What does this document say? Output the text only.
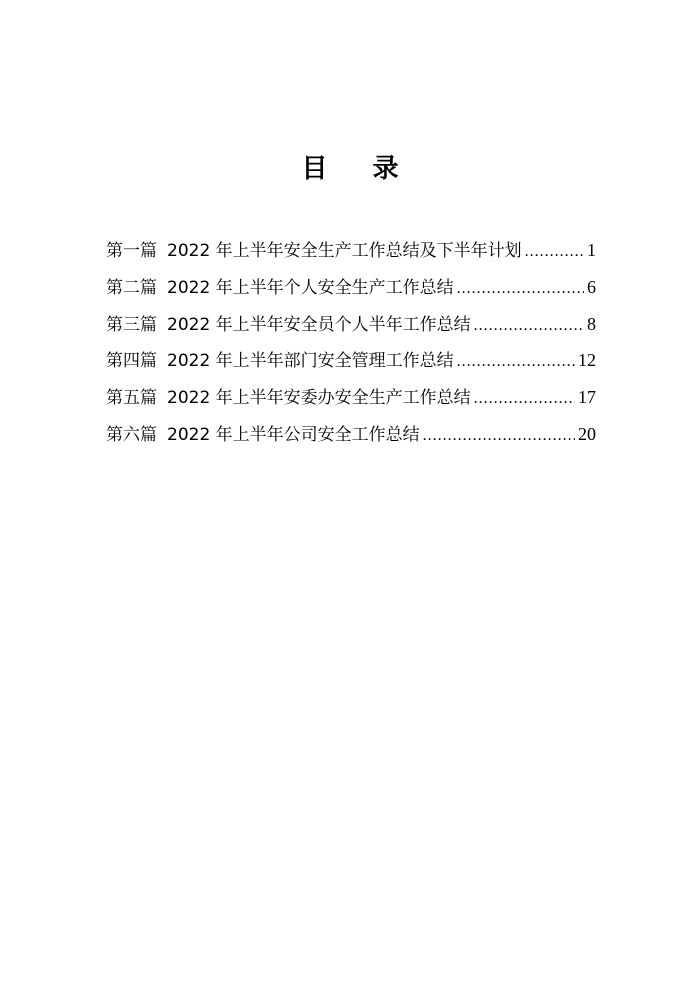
目 录
第一篇 2022 年上半年安全生产工作总结及下半年计划 .....	1
第二篇 2022 年上半年个人安全生产工作总结 .....	6
第三篇 2022 年上半年安全员个人半年工作总结 .....	8
第四篇 2022 年上半年部门安全管理工作总结 .....	12
第五篇 2022 年上半年安委办安全生产工作总结 .....	17
第六篇 2022 年上半年公司安全工作总结 .....	20
